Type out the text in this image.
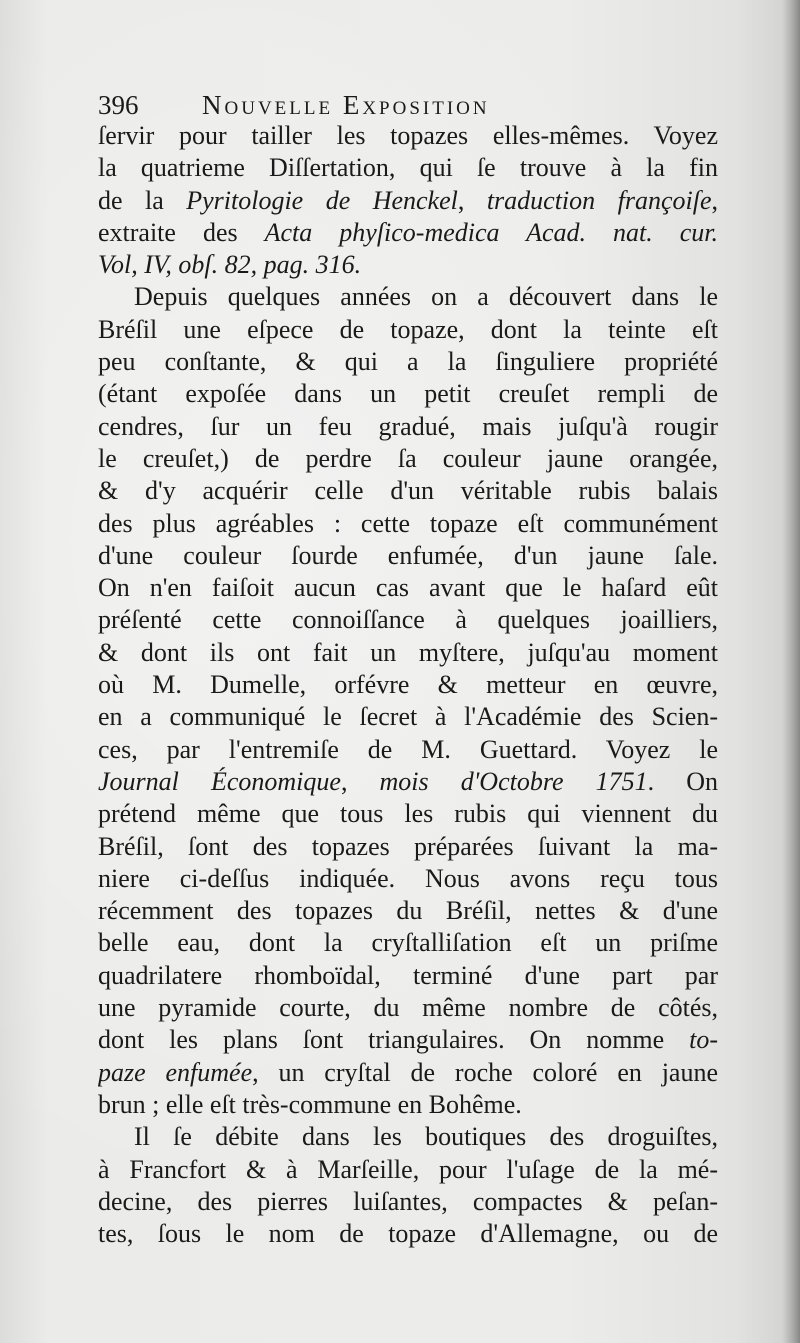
396 Nouvelle Exposition
ſervir pour tailler les topazes elles-mêmes. Voyez
la quatrieme Diſſertation, qui ſe trouve à la fin
de la Pyritologie de Henckel, traduction françoiſe,
extraite des Acta phyſico-medica Acad. nat. cur.
Vol, IV, obſ. 82, pag. 316.
Depuis quelques années on a découvert dans le
Bréſil une eſpece de topaze, dont la teinte eſt
peu conſtante, & qui a la ſinguliere propriété
(étant expoſée dans un petit creuſet rempli de
cendres, ſur un feu gradué, mais juſqu'à rougir
le creuſet,) de perdre ſa couleur jaune orangée,
& d'y acquérir celle d'un véritable rubis balais
des plus agréables : cette topaze eſt communément
d'une couleur ſourde enfumée, d'un jaune ſale.
On n'en faiſoit aucun cas avant que le haſard eût
préſenté cette connoiſſance à quelques joailliers,
& dont ils ont fait un myſtere, juſqu'au moment
où M. Dumelle, orfévre & metteur en œuvre,
en a communiqué le ſecret à l'Académie des Scien-
ces, par l'entremiſe de M. Guettard. Voyez le
Journal Économique, mois d'Octobre 1751. On
prétend même que tous les rubis qui viennent du
Bréſil, ſont des topazes préparées ſuivant la ma-
niere ci-deſſus indiquée. Nous avons reçu tous
récemment des topazes du Bréſil, nettes & d'une
belle eau, dont la cryſtalliſation eſt un priſme
quadrilatere rhomboïdal, terminé d'une part par
une pyramide courte, du même nombre de côtés,
dont les plans ſont triangulaires. On nomme to-
paze enfumée, un cryſtal de roche coloré en jaune
brun ; elle eſt très-commune en Bohême.
Il ſe débite dans les boutiques des droguiſtes,
à Francfort & à Marſeille, pour l'uſage de la mé-
decine, des pierres luiſantes, compactes & peſan-
tes, ſous le nom de topaze d'Allemagne, ou de
